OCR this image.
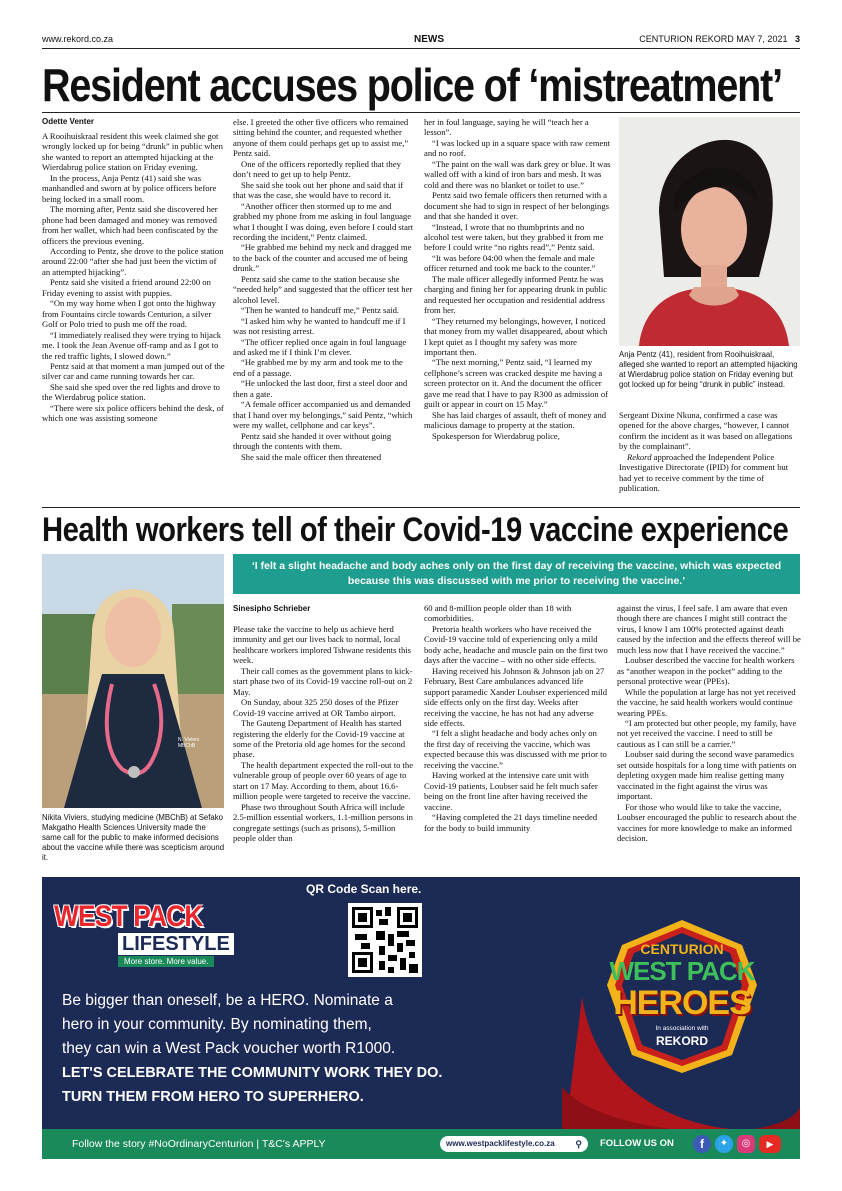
www.rekord.co.za	NEWS	CENTURION REKORD MAY 7, 2021 3
Resident accuses police of ‘mistreatment’
Odette Venter

A Rooihuiskraal resident this week claimed she got wrongly locked up for being “drunk” in public when she wanted to report an attempted hijacking at the Wierdabrug police station on Friday evening.

In the process, Anja Pentz (41) said she was manhandled and sworn at by police officers before being locked in a small room.

The morning after, Pentz said she discovered her phone had been damaged and money was removed from her wallet, which had been confiscated by the officers the previous evening.

According to Pentz, she drove to the police station around 22:00 “after she had just been the victim of an attempted hijacking”.

Pentz said she visited a friend around 22:00 on Friday evening to assist with puppies.

“On my way home when I got onto the highway from Fountains circle towards Centurion, a silver Golf or Polo tried to push me off the road.

“I immediately realised they were trying to hijack me. I took the Jean Avenue off-ramp and as I got to the red traffic lights, I slowed down.”

Pentz said at that moment a man jumped out of the silver car and came running towards her car.

She said she sped over the red lights and drove to the Wierdabrug police station.

“There were six police officers behind the desk, of which one was assisting someone

else. I greeted the other five officers who remained sitting behind the counter, and requested whether anyone of them could perhaps get up to assist me,” Pentz said.

One of the officers reportedly replied that they don’t need to get up to help Pentz.

She said she took out her phone and said that if that was the case, she would have to record it.

“Another officer then stormed up to me and grabbed my phone from me asking in foul language what I thought I was doing, even before I could start recording the incident,” Pentz claimed.

“He grabbed me behind my neck and dragged me to the back of the counter and accused me of being drunk.”

Pentz said she came to the station because she “needed help” and suggested that the officer test her alcohol level.

“Then he wanted to handcuff me,” Pentz said.

“I asked him why he wanted to handcuff me if I was not resisting arrest.

“The officer replied once again in foul language and asked me if I think I’m clever.

“He grabbed me by my arm and took me to the end of a passage.

“He unlocked the last door, first a steel door and then a gate.

“A female officer accompanied us and demanded that I hand over my belongings,” said Pentz, “which were my wallet, cellphone and car keys”.

Pentz said she handed it over without going through the contents with them.

She said the male officer then threatened

her in foul language, saying he will “teach her a lesson”.

“I was locked up in a square space with raw cement and no roof.

“The paint on the wall was dark grey or blue. It was walled off with a kind of iron bars and mesh. It was cold and there was no blanket or toilet to use.”

Pentz said two female officers then returned with a document she had to sign in respect of her belongings and that she handed it over.

“Instead, I wrote that no thumbprints and no alcohol test were taken, but they grabbed it from me before I could write “no rights read”,” Pentz said.

“It was before 04:00 when the female and male officer returned and took me back to the counter.”

The male officer allegedly informed Pentz he was charging and fining her for appearing drunk in public and requested her occupation and residential address from her.

“They returned my belongings, however, I noticed that money from my wallet disappeared, about which I kept quiet as I thought my safety was more important then.

“The next morning,” Pentz said, “I learned my cellphone’s screen was cracked despite me having a screen protector on it. And the document the officer gave me read that I have to pay R300 as admission of guilt or appear in court on 15 May.”

She has laid charges of assault, theft of money and malicious damage to property at the station.

Spokesperson for Wierdabrug police,

Anja Pentz (41), resident from Rooihuiskraal, alleged she wanted to report an attempted hijacking at Wierdabrug police station on Friday evening but got locked up for being “drunk in public” instead.

Sergeant Dixine Nkuna, confirmed a case was opened for the above charges, “however, I cannot confirm the incident as it was based on allegations by the complainant”.

Rekord approached the Independent Police Investigative Directorate (IPID) for comment but had yet to receive comment by the time of publication.

Health workers tell of their Covid-19 vaccine experience
N. Viviers
MBChB
Nikita Viviers, studying medicine (MBChB) at Sefako Makgatho Health Sciences University made the same call for the public to make informed decisions about the vaccine while there was scepticism around it.
‘I felt a slight headache and body aches only on the first day of receiving the vaccine, which was expected because this was discussed with me prior to receiving the vaccine.’
Sinesipho Schrieber

Please take the vaccine to help us achieve herd immunity and get our lives back to normal, local healthcare workers implored Tshwane residents this week.

Their call comes as the government plans to kick-start phase two of its Covid-19 vaccine roll-out on 2 May.

On Sunday, about 325 250 doses of the Pfizer Covid-19 vaccine arrived at OR Tambo airport.

The Gauteng Department of Health has started registering the elderly for the Covid-19 vaccine at some of the Pretoria old age homes for the second phase.

The health department expected the roll-out to the vulnerable group of people over 60 years of age to start on 17 May. According to them, about 16.6-million people were targeted to receive the vaccine.

Phase two throughout South Africa will include 2.5-million essential workers, 1.1-million persons in congregate settings (such as prisons), 5-million people older than

60 and 8-million people older than 18 with comorbidities.

Pretoria health workers who have received the Covid-19 vaccine told of experiencing only a mild body ache, headache and muscle pain on the first two days after the vaccine – with no other side effects.

Having received his Johnson & Johnson jab on 27 February, Best Care ambulances advanced life support paramedic Xander Loubser experienced mild side effects only on the first day. Weeks after receiving the vaccine, he has not had any adverse side effects.

“I felt a slight headache and body aches only on the first day of receiving the vaccine, which was expected because this was discussed with me prior to receiving the vaccine.”

Having worked at the intensive care unit with Covid-19 patients, Loubser said he felt much safer being on the front line after having received the vaccine.

“Having completed the 21 days timeline needed for the body to build immunity

against the virus, I feel safe. I am aware that even though there are chances I might still contract the virus, I know I am 100% protected against death caused by the infection and the effects thereof will be much less now that I have received the vaccine.”

Loubser described the vaccine for health workers as “another weapon in the pocket” adding to the personal protective wear (PPEs).

While the population at large has not yet received the vaccine, he said health workers would continue wearing PPEs.

“I am protected but other people, my family, have not yet received the vaccine. I need to still be cautious as I can still be a carrier.”

Loubser said during the second wave paramedics set outside hospitals for a long time with patients on depleting oxygen made him realise getting many vaccinated in the fight against the virus was important.

For those who would like to take the vaccine, Loubser encouraged the public to research about the vaccines for more knowledge to make an informed decision.

QR Code Scan here.
WEST PACK
LIFESTYLE
More store. More value.
Be bigger than oneself, be a HERO. Nominate a
hero in your community. By nominating them,
they can win a West Pack voucher worth R1000.
LET'S CELEBRATE THE COMMUNITY WORK THEY DO.
TURN THEM FROM HERO TO SUPERHERO.
CENTURION
WEST PACK
HEROES
In association with
REKORD
Follow the story #NoOrdinaryCenturion | T&C's APPLY	www.westpacklifestyle.co.za ⚲ FOLLOW US ON	f	✦	◎	▶
